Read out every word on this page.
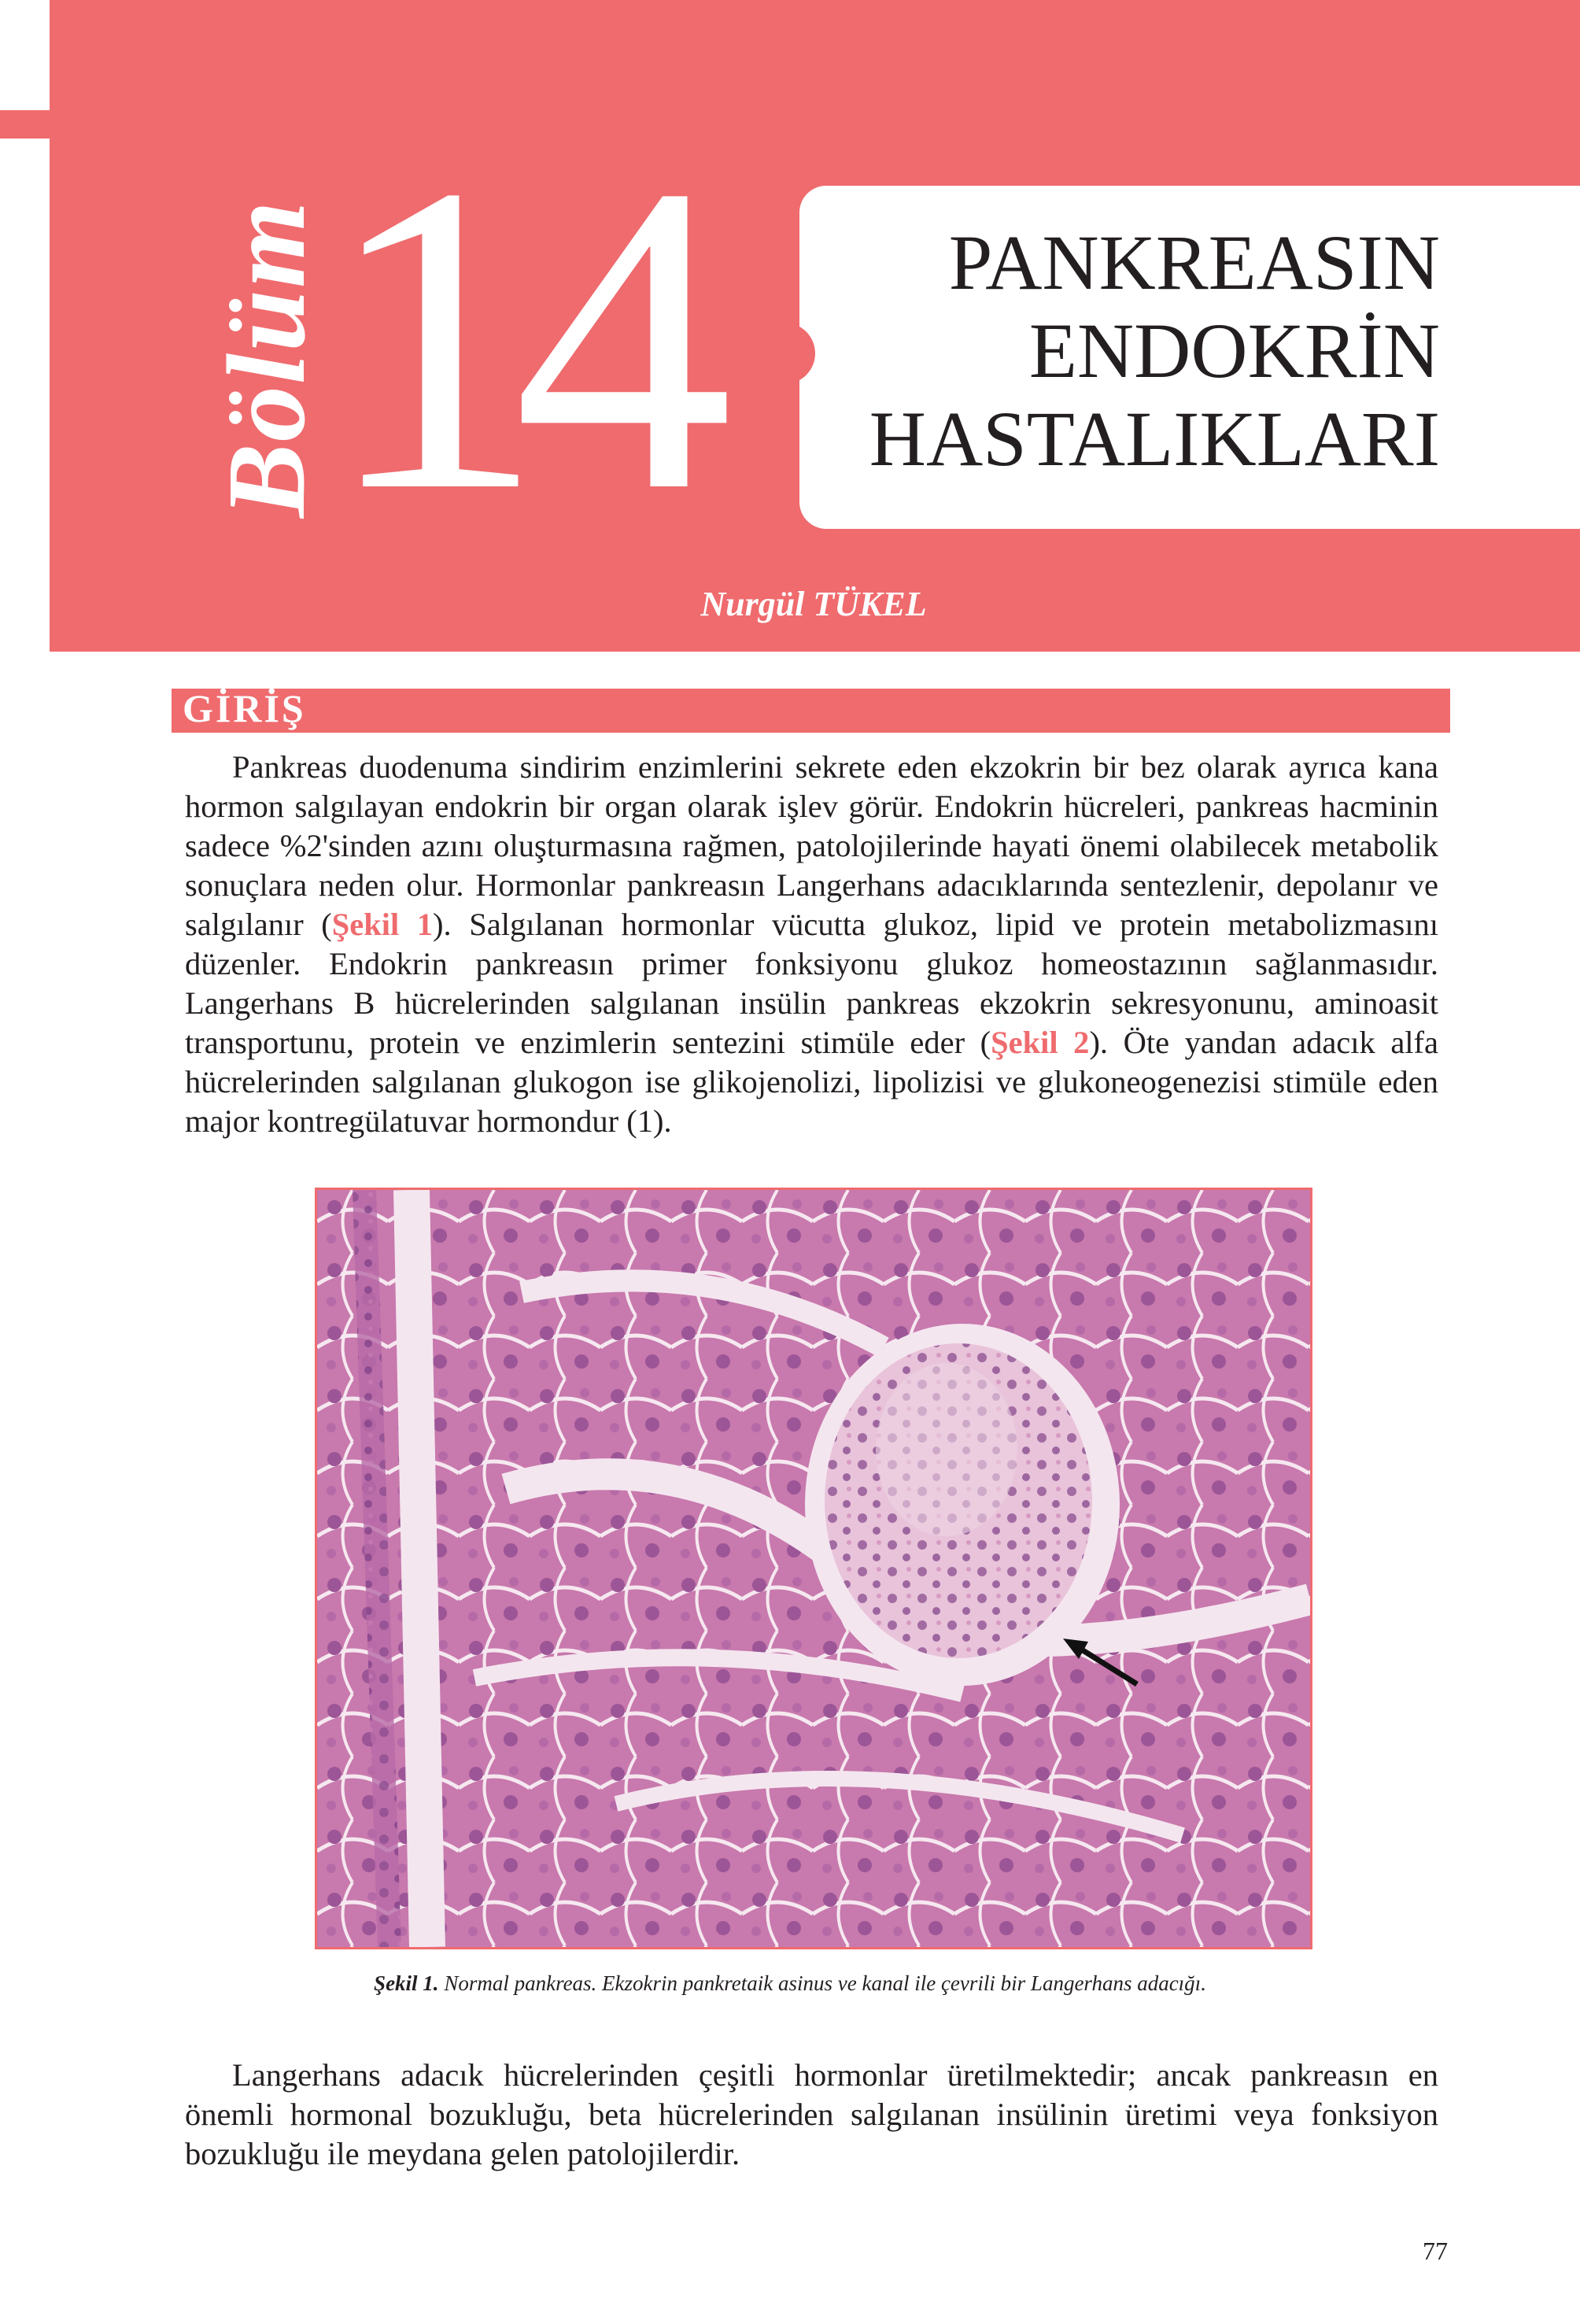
Bölüm
14	PANKREASIN
ENDOKRİN
HASTALIKLARI
Nurgül TÜKEL
GİRİŞ

Pankreas duodenuma sindirim enzimlerini sekrete eden ekzokrin bir bez olarak ayrıca kana hormon salgılayan endokrin bir organ olarak işlev görür. Endokrin hücreleri, pankreas hacminin sadece %2'sinden azını oluşturmasına rağmen, patolojilerinde hayati önemi olabilecek metabolik sonuçlara neden olur. Hormonlar pankreasın Langerhans adacıklarında sentezlenir, depolanır ve salgılanır (Şekil 1). Salgılanan hormonlar vücutta glukoz, lipid ve protein metabolizmasını düzenler. Endokrin pankreasın primer fonksiyonu glukoz homeostazının sağlanmasıdır. Langerhans B hücrelerinden salgılanan insülin pankreas ekzokrin sekresyonunu, aminoasit transportunu, protein ve enzimlerin sentezini stimüle eder (Şekil 2). Öte yandan adacık alfa hücrelerinden salgılanan glukogon ise glikojenolizi, lipolizisi ve glukoneogenezisi stimüle eden major kontregülatuvar hormondur (1).

Şekil 1. Normal pankreas. Ekzokrin pankretaik asinus ve kanal ile çevrili bir Langerhans adacığı.

Langerhans adacık hücrelerinden çeşitli hormonlar üretilmektedir; ancak pankreasın en önemli hormonal bozukluğu, beta hücrelerinden salgılanan insülinin üretimi veya fonksiyon bozukluğu ile meydana gelen patolojilerdir.

77
